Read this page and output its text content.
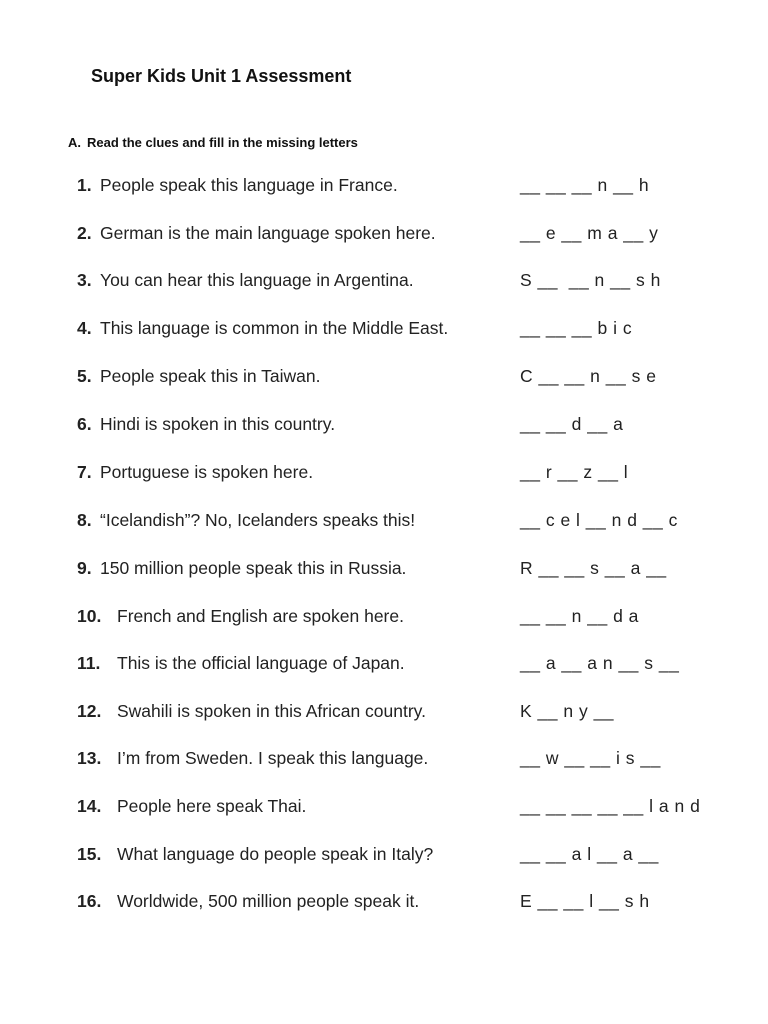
Super Kids Unit 1 Assessment
A. Read the clues and fill in the missing letters
1. People speak this language in France.	__ __ __ n __ h
2. German is the main language spoken here.	__ e __ m a __ y
3. You can hear this language in Argentina.	S __  __ n __ s h
4. This language is common in the Middle East.	__ __ __ b i c
5. People speak this in Taiwan.	C __ __ n __ s e
6. Hindi is spoken in this country.	__ __ d __ a
7. Portuguese is spoken here.	__ r __ z __ l
8. “Icelandish”? No, Icelanders speaks this!	__ c e l __ n d __ c
9. 150 million people speak this in Russia.	R __ __ s __ a __
10. French and English are spoken here.	__ __ n __ d a
11. This is the official language of Japan.	__ a __ a n __ s __
12. Swahili is spoken in this African country.	K __ n y __
13. I’m from Sweden. I speak this language.	__ w __ __ i s __
14. People here speak Thai.	__ __ __ __ __ l a n d
15. What language do people speak in Italy?	__ __ a l __ a __
16. Worldwide, 500 million people speak it.	E __ __ l __ s h
